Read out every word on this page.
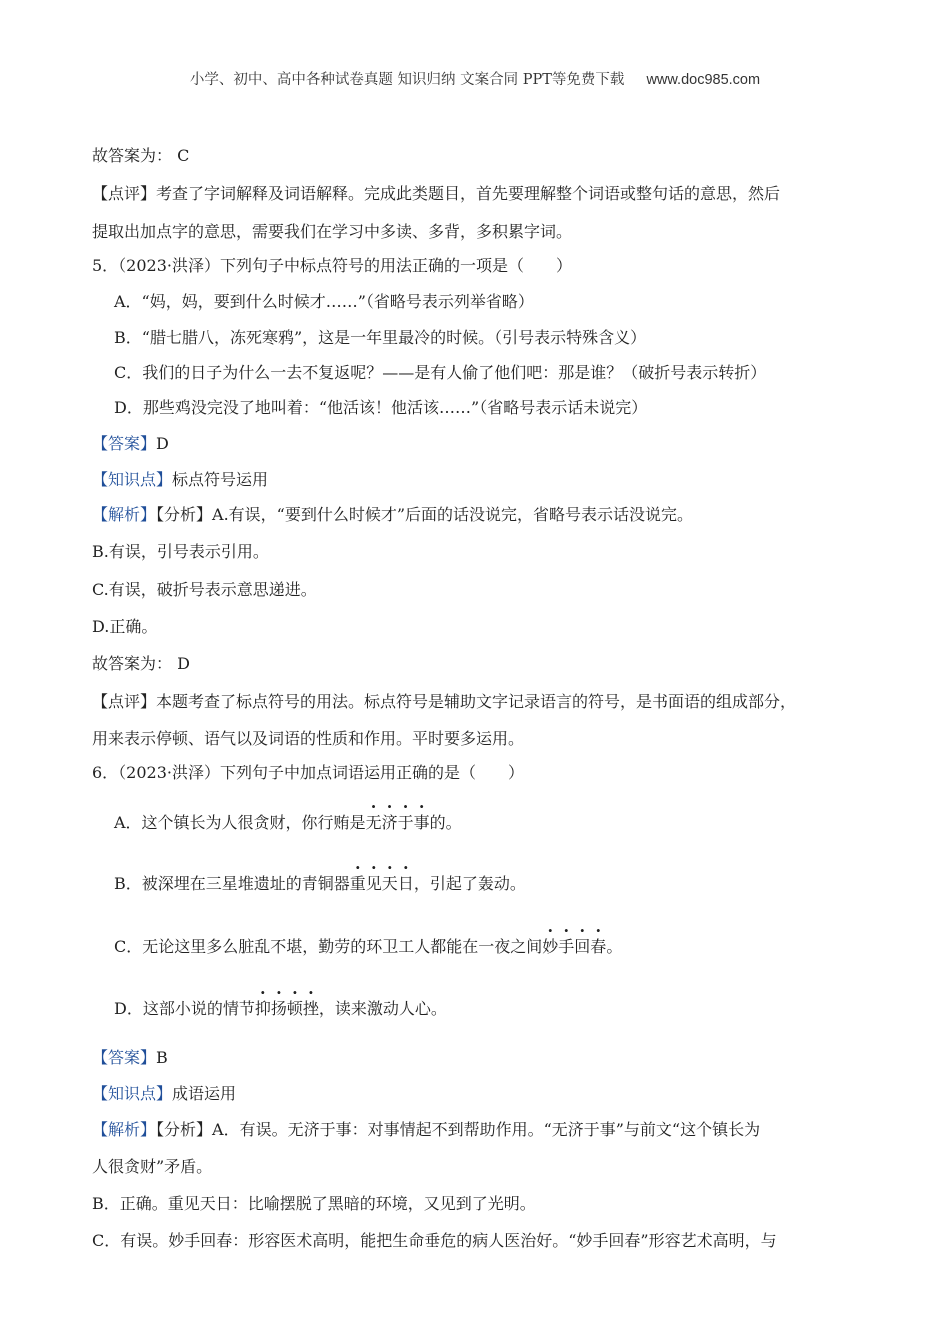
小学、初中、高中各种试卷真题 知识归纳 文案合同 PPT等免费下载 www.doc985.com
故答案为： C
【点评】考查了字词解释及词语解释。完成此类题目，首先要理解整个词语或整句话的意思，然后
提取出加点字的意思，需要我们在学习中多读、多背，多积累字词。
5．（2023·洪泽）下列句子中标点符号的用法正确的一项是（　　）
A．“妈，妈，要到什么时候才……”（省略号表示列举省略）
B．“腊七腊八，冻死寒鸦”，这是一年里最冷的时候。（引号表示特殊含义）
C．我们的日子为什么一去不复返呢？——是有人偷了他们吧：那是谁？（破折号表示转折）
D．那些鸡没完没了地叫着：“他活该！他活该……”（省略号表示话未说完）
【答案】D
【知识点】标点符号运用
【解析】【分析】A.有误，“要到什么时候才”后面的话没说完，省略号表示话没说完。
B.有误，引号表示引用。
C.有误，破折号表示意思递进。
D.正确。
故答案为： D
【点评】本题考查了标点符号的用法。标点符号是辅助文字记录语言的符号，是书面语的组成部分，
用来表示停顿、语气以及词语的性质和作用。平时要多运用。
6．（2023·洪泽）下列句子中加点词语运用正确的是（　　）
A．这个镇长为人很贪财，你行贿是无济于事的。
B．被深埋在三星堆遗址的青铜器重见天日，引起了轰动。
C．无论这里多么脏乱不堪，勤劳的环卫工人都能在一夜之间妙手回春。
D．这部小说的情节抑扬顿挫，读来激动人心。
【答案】B
【知识点】成语运用
【解析】【分析】A．有误。无济于事：对事情起不到帮助作用。“无济于事”与前文“这个镇长为
人很贪财”矛盾。
B．正确。重见天日：比喻摆脱了黑暗的环境，又见到了光明。
C．有误。妙手回春：形容医术高明，能把生命垂危的病人医治好。“妙手回春”形容艺术高明，与
